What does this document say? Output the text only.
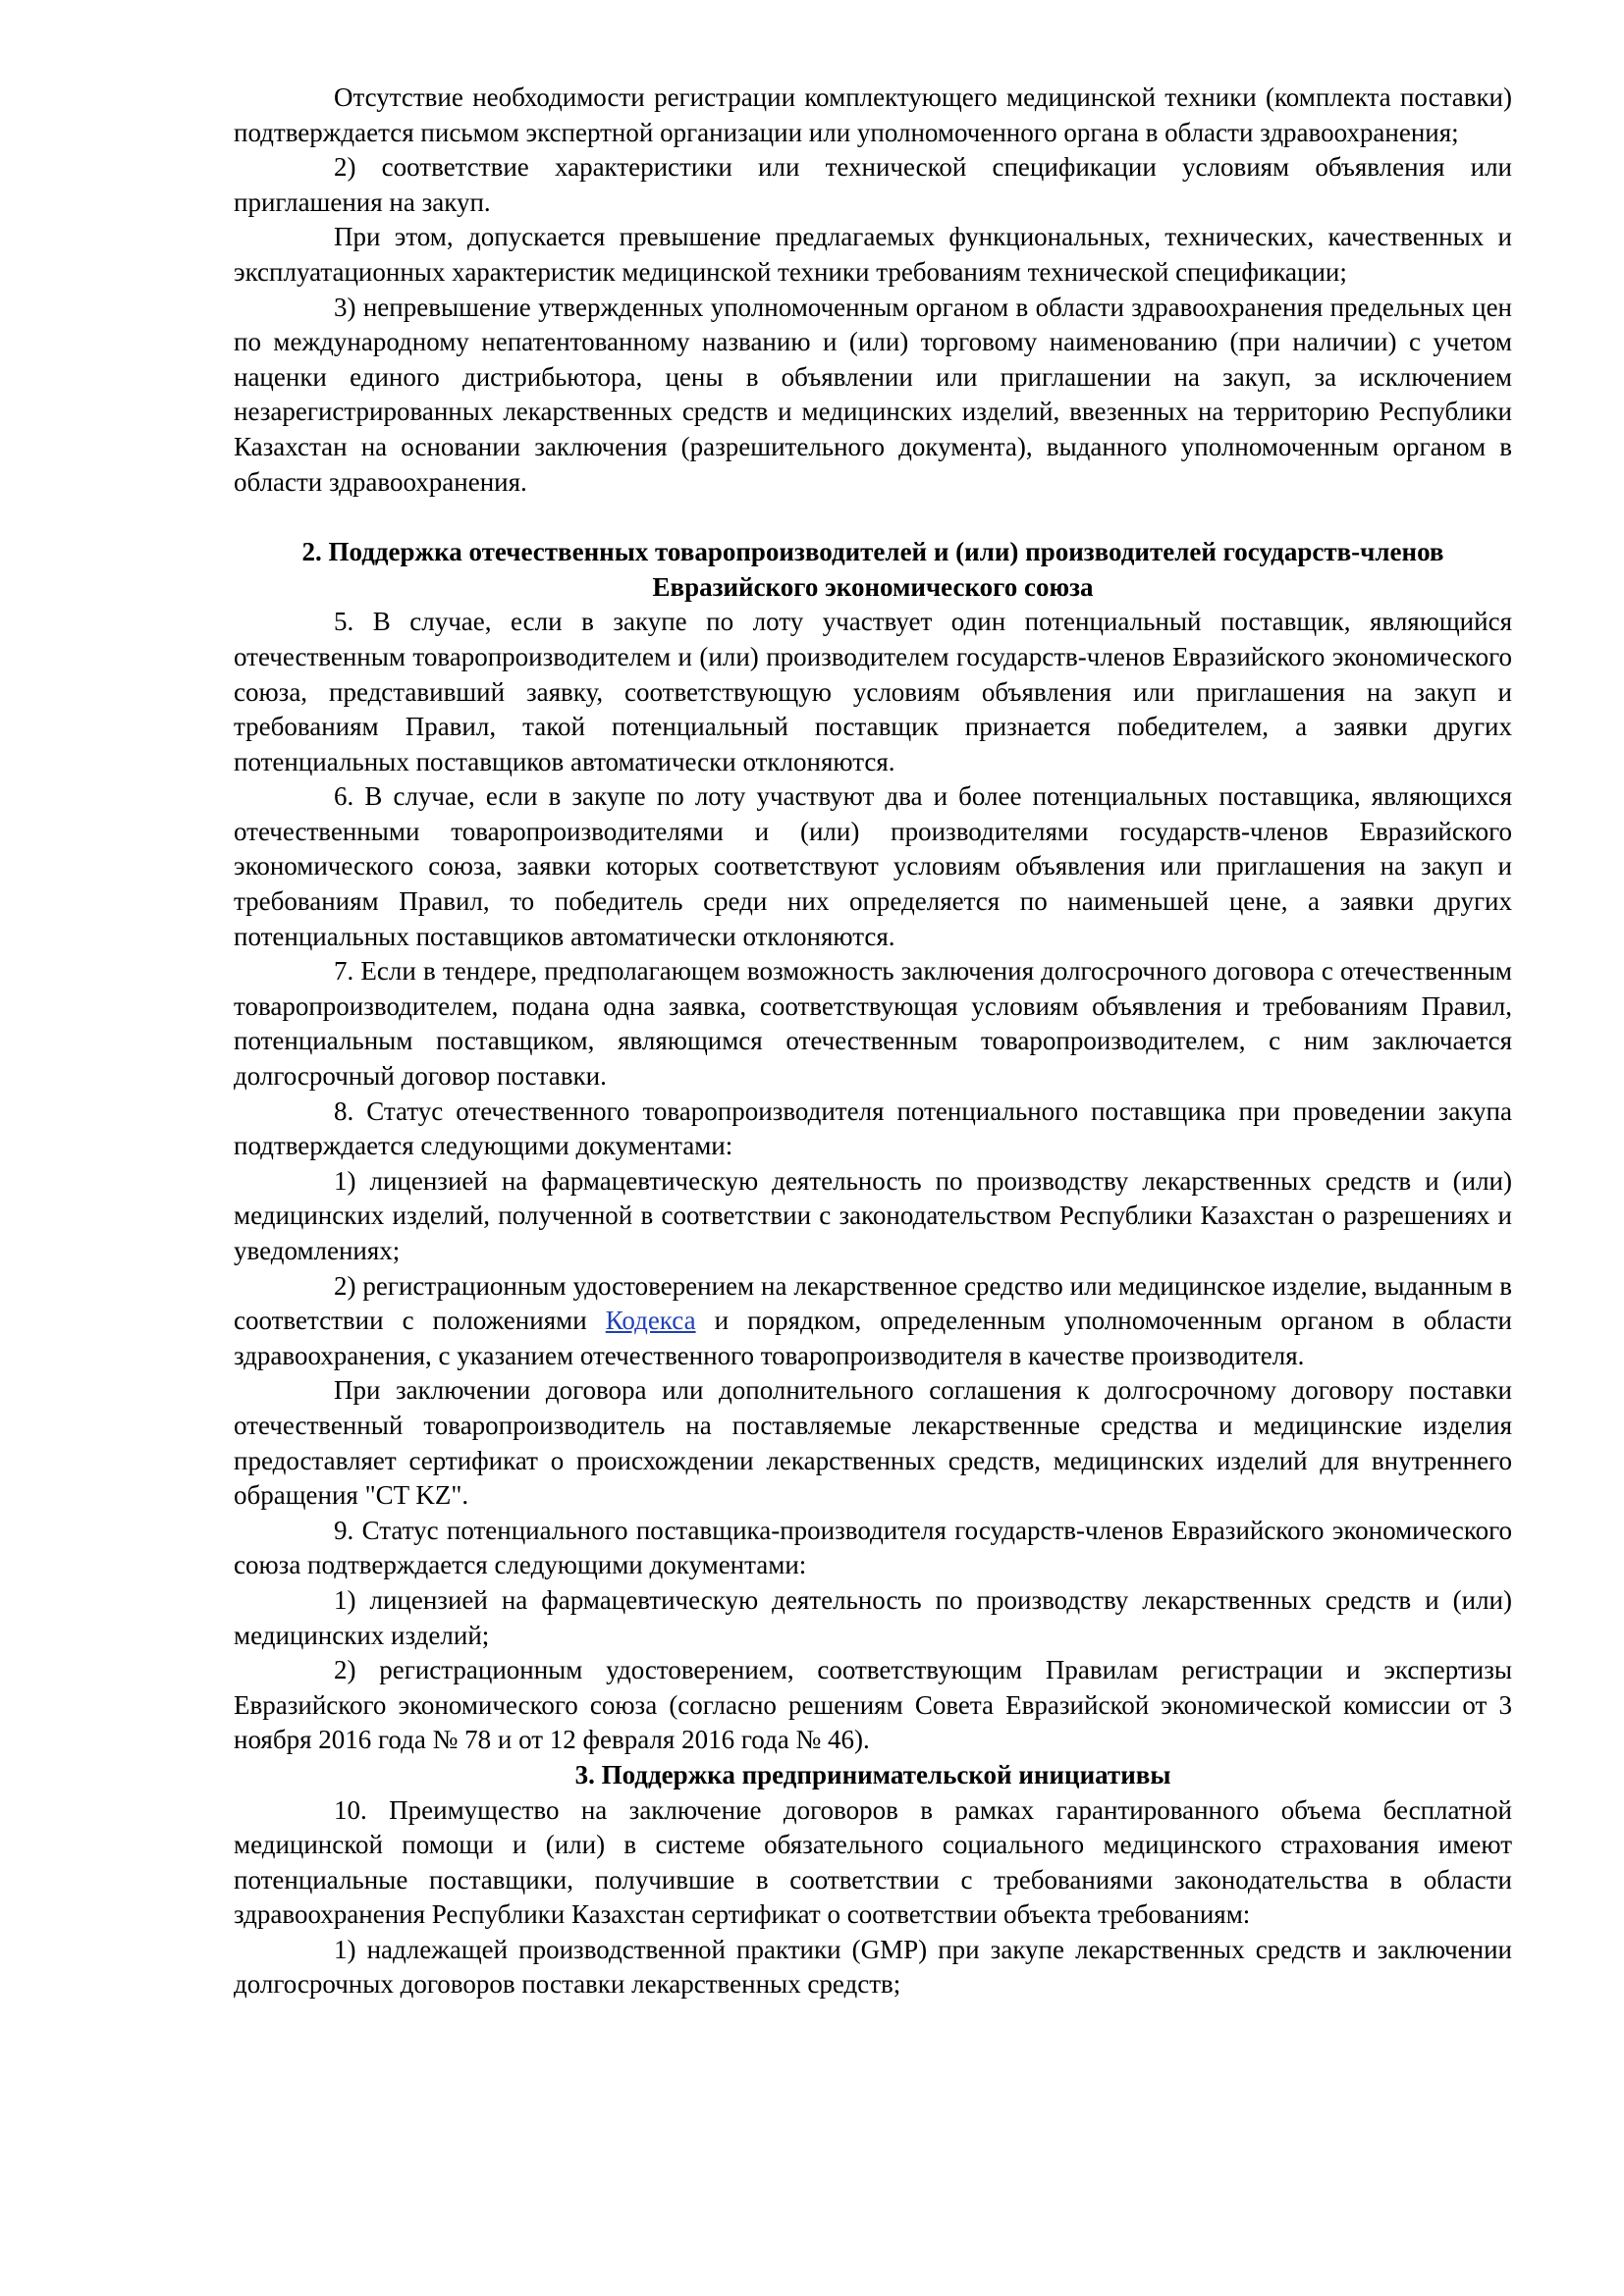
Отсутствие необходимости регистрации комплектующего медицинской техники (комплекта поставки) подтверждается письмом экспертной организации или уполномоченного органа в области здравоохранения;

2) соответствие характеристики или технической спецификации условиям объявления или приглашения на закуп.

При этом, допускается превышение предлагаемых функциональных, технических, качественных и эксплуатационных характеристик медицинской техники требованиям технической спецификации;

3) непревышение утвержденных уполномоченным органом в области здравоохранения предельных цен по международному непатентованному названию и (или) торговому наименованию (при наличии) с учетом наценки единого дистрибьютора, цены в объявлении или приглашении на закуп, за исключением незарегистрированных лекарственных средств и медицинских изделий, ввезенных на территорию Республики Казахстан на основании заключения (разрешительного документа), выданного уполномоченным органом в области здравоохранения.

2. Поддержка отечественных товаропроизводителей и (или) производителей государств-членов Евразийского экономического союза

5. В случае, если в закупе по лоту участвует один потенциальный поставщик, являющийся отечественным товаропроизводителем и (или) производителем государств-членов Евразийского экономического союза, представивший заявку, соответствующую условиям объявления или приглашения на закуп и требованиям Правил, такой потенциальный поставщик признается победителем, а заявки других потенциальных поставщиков автоматически отклоняются.

6. В случае, если в закупе по лоту участвуют два и более потенциальных поставщика, являющихся отечественными товаропроизводителями и (или) производителями государств-членов Евразийского экономического союза, заявки которых соответствуют условиям объявления или приглашения на закуп и требованиям Правил, то победитель среди них определяется по наименьшей цене, а заявки других потенциальных поставщиков автоматически отклоняются.

7. Если в тендере, предполагающем возможность заключения долгосрочного договора с отечественным товаропроизводителем, подана одна заявка, соответствующая условиям объявления и требованиям Правил, потенциальным поставщиком, являющимся отечественным товаропроизводителем, с ним заключается долгосрочный договор поставки.

8. Статус отечественного товаропроизводителя потенциального поставщика при проведении закупа подтверждается следующими документами:

1) лицензией на фармацевтическую деятельность по производству лекарственных средств и (или) медицинских изделий, полученной в соответствии с законодательством Республики Казахстан о разрешениях и уведомлениях;

2) регистрационным удостоверением на лекарственное средство или медицинское изделие, выданным в соответствии с положениями Кодекса и порядком, определенным уполномоченным органом в области здравоохранения, с указанием отечественного товаропроизводителя в качестве производителя.

При заключении договора или дополнительного соглашения к долгосрочному договору поставки отечественный товаропроизводитель на поставляемые лекарственные средства и медицинские изделия предоставляет сертификат о происхождении лекарственных средств, медицинских изделий для внутреннего обращения "CT KZ".

9. Статус потенциального поставщика-производителя государств-членов Евразийского экономического союза подтверждается следующими документами:

1) лицензией на фармацевтическую деятельность по производству лекарственных средств и (или) медицинских изделий;

2) регистрационным удостоверением, соответствующим Правилам регистрации и экспертизы Евразийского экономического союза (согласно решениям Совета Евразийской экономической комиссии от 3 ноября 2016 года № 78 и от 12 февраля 2016 года № 46).

3. Поддержка предпринимательской инициативы

10. Преимущество на заключение договоров в рамках гарантированного объема бесплатной медицинской помощи и (или) в системе обязательного социального медицинского страхования имеют потенциальные поставщики, получившие в соответствии с требованиями законодательства в области здравоохранения Республики Казахстан сертификат о соответствии объекта требованиям:

1) надлежащей производственной практики (GMP) при закупе лекарственных средств и заключении долгосрочных договоров поставки лекарственных средств;
